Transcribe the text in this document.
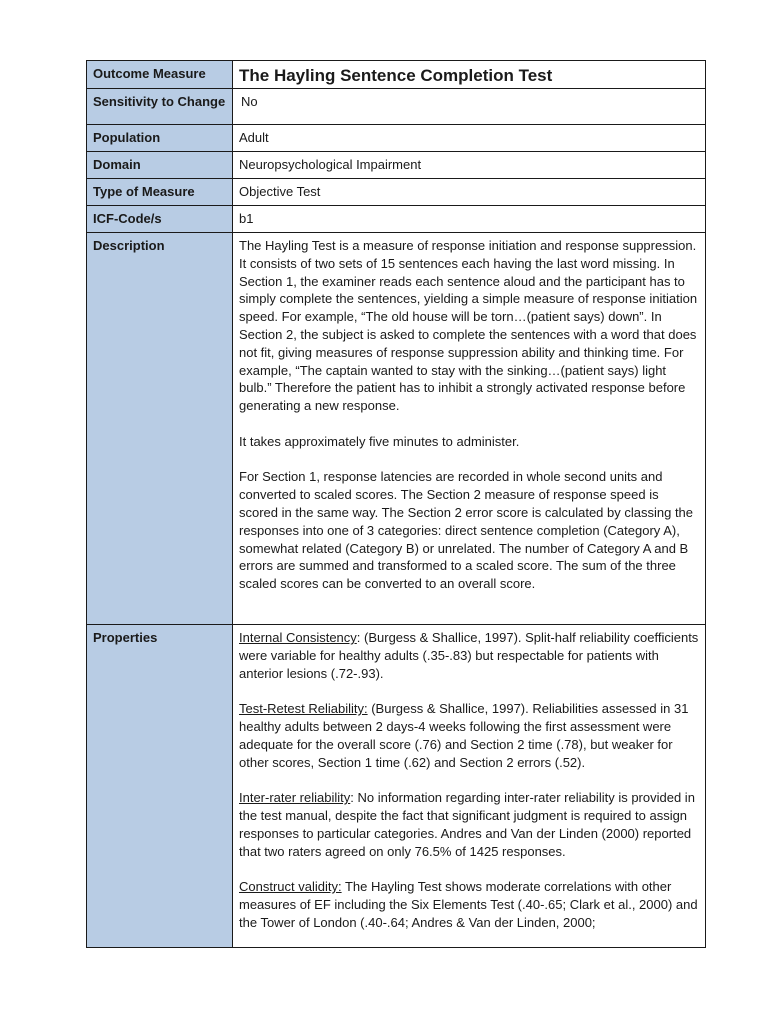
Outcome Measure	The Hayling Sentence Completion Test

Sensitivity to Change	No
Population	Adult
Domain	Neuropsychological Impairment
Type of Measure	Objective Test
ICF-Code/s	b1
Description	The Hayling Test is a measure of response initiation and response suppression. It consists of two sets of 15 sentences each having the last word missing. In Section 1, the examiner reads each sentence aloud and the participant has to simply complete the sentences, yielding a simple measure of response initiation speed. For example, “The old house will be torn…(patient says) down”. In Section 2, the subject is asked to complete the sentences with a word that does not fit, giving measures of response suppression ability and thinking time. For example, “The captain wanted to stay with the sinking…(patient says) light bulb.” Therefore the patient has to inhibit a strongly activated response before generating a new response.

It takes approximately five minutes to administer.

For Section 1, response latencies are recorded in whole second units and converted to scaled scores. The Section 2 measure of response speed is scored in the same way. The Section 2 error score is calculated by classing the responses into one of 3 categories: direct sentence completion (Category A), somewhat related (Category B) or unrelated. The number of Category A and B errors are summed and transformed to a scaled score. The sum of the three scaled scores can be converted to an overall score.

Properties	Internal Consistency: (Burgess & Shallice, 1997). Split-half reliability coefficients were variable for healthy adults (.35-.83) but respectable for patients with anterior lesions (.72-.93).

Test-Retest Reliability: (Burgess & Shallice, 1997). Reliabilities assessed in 31 healthy adults between 2 days-4 weeks following the first assessment were adequate for the overall score (.76) and Section 2 time (.78), but weaker for other scores, Section 1 time (.62) and Section 2 errors (.52).

Inter-rater reliability: No information regarding inter-rater reliability is provided in the test manual, despite the fact that significant judgment is required to assign responses to particular categories. Andres and Van der Linden (2000) reported that two raters agreed on only 76.5% of 1425 responses.

Construct validity: The Hayling Test shows moderate correlations with other measures of EF including the Six Elements Test (.40-.65; Clark et al., 2000) and the Tower of London (.40-.64; Andres & Van der Linden, 2000;
